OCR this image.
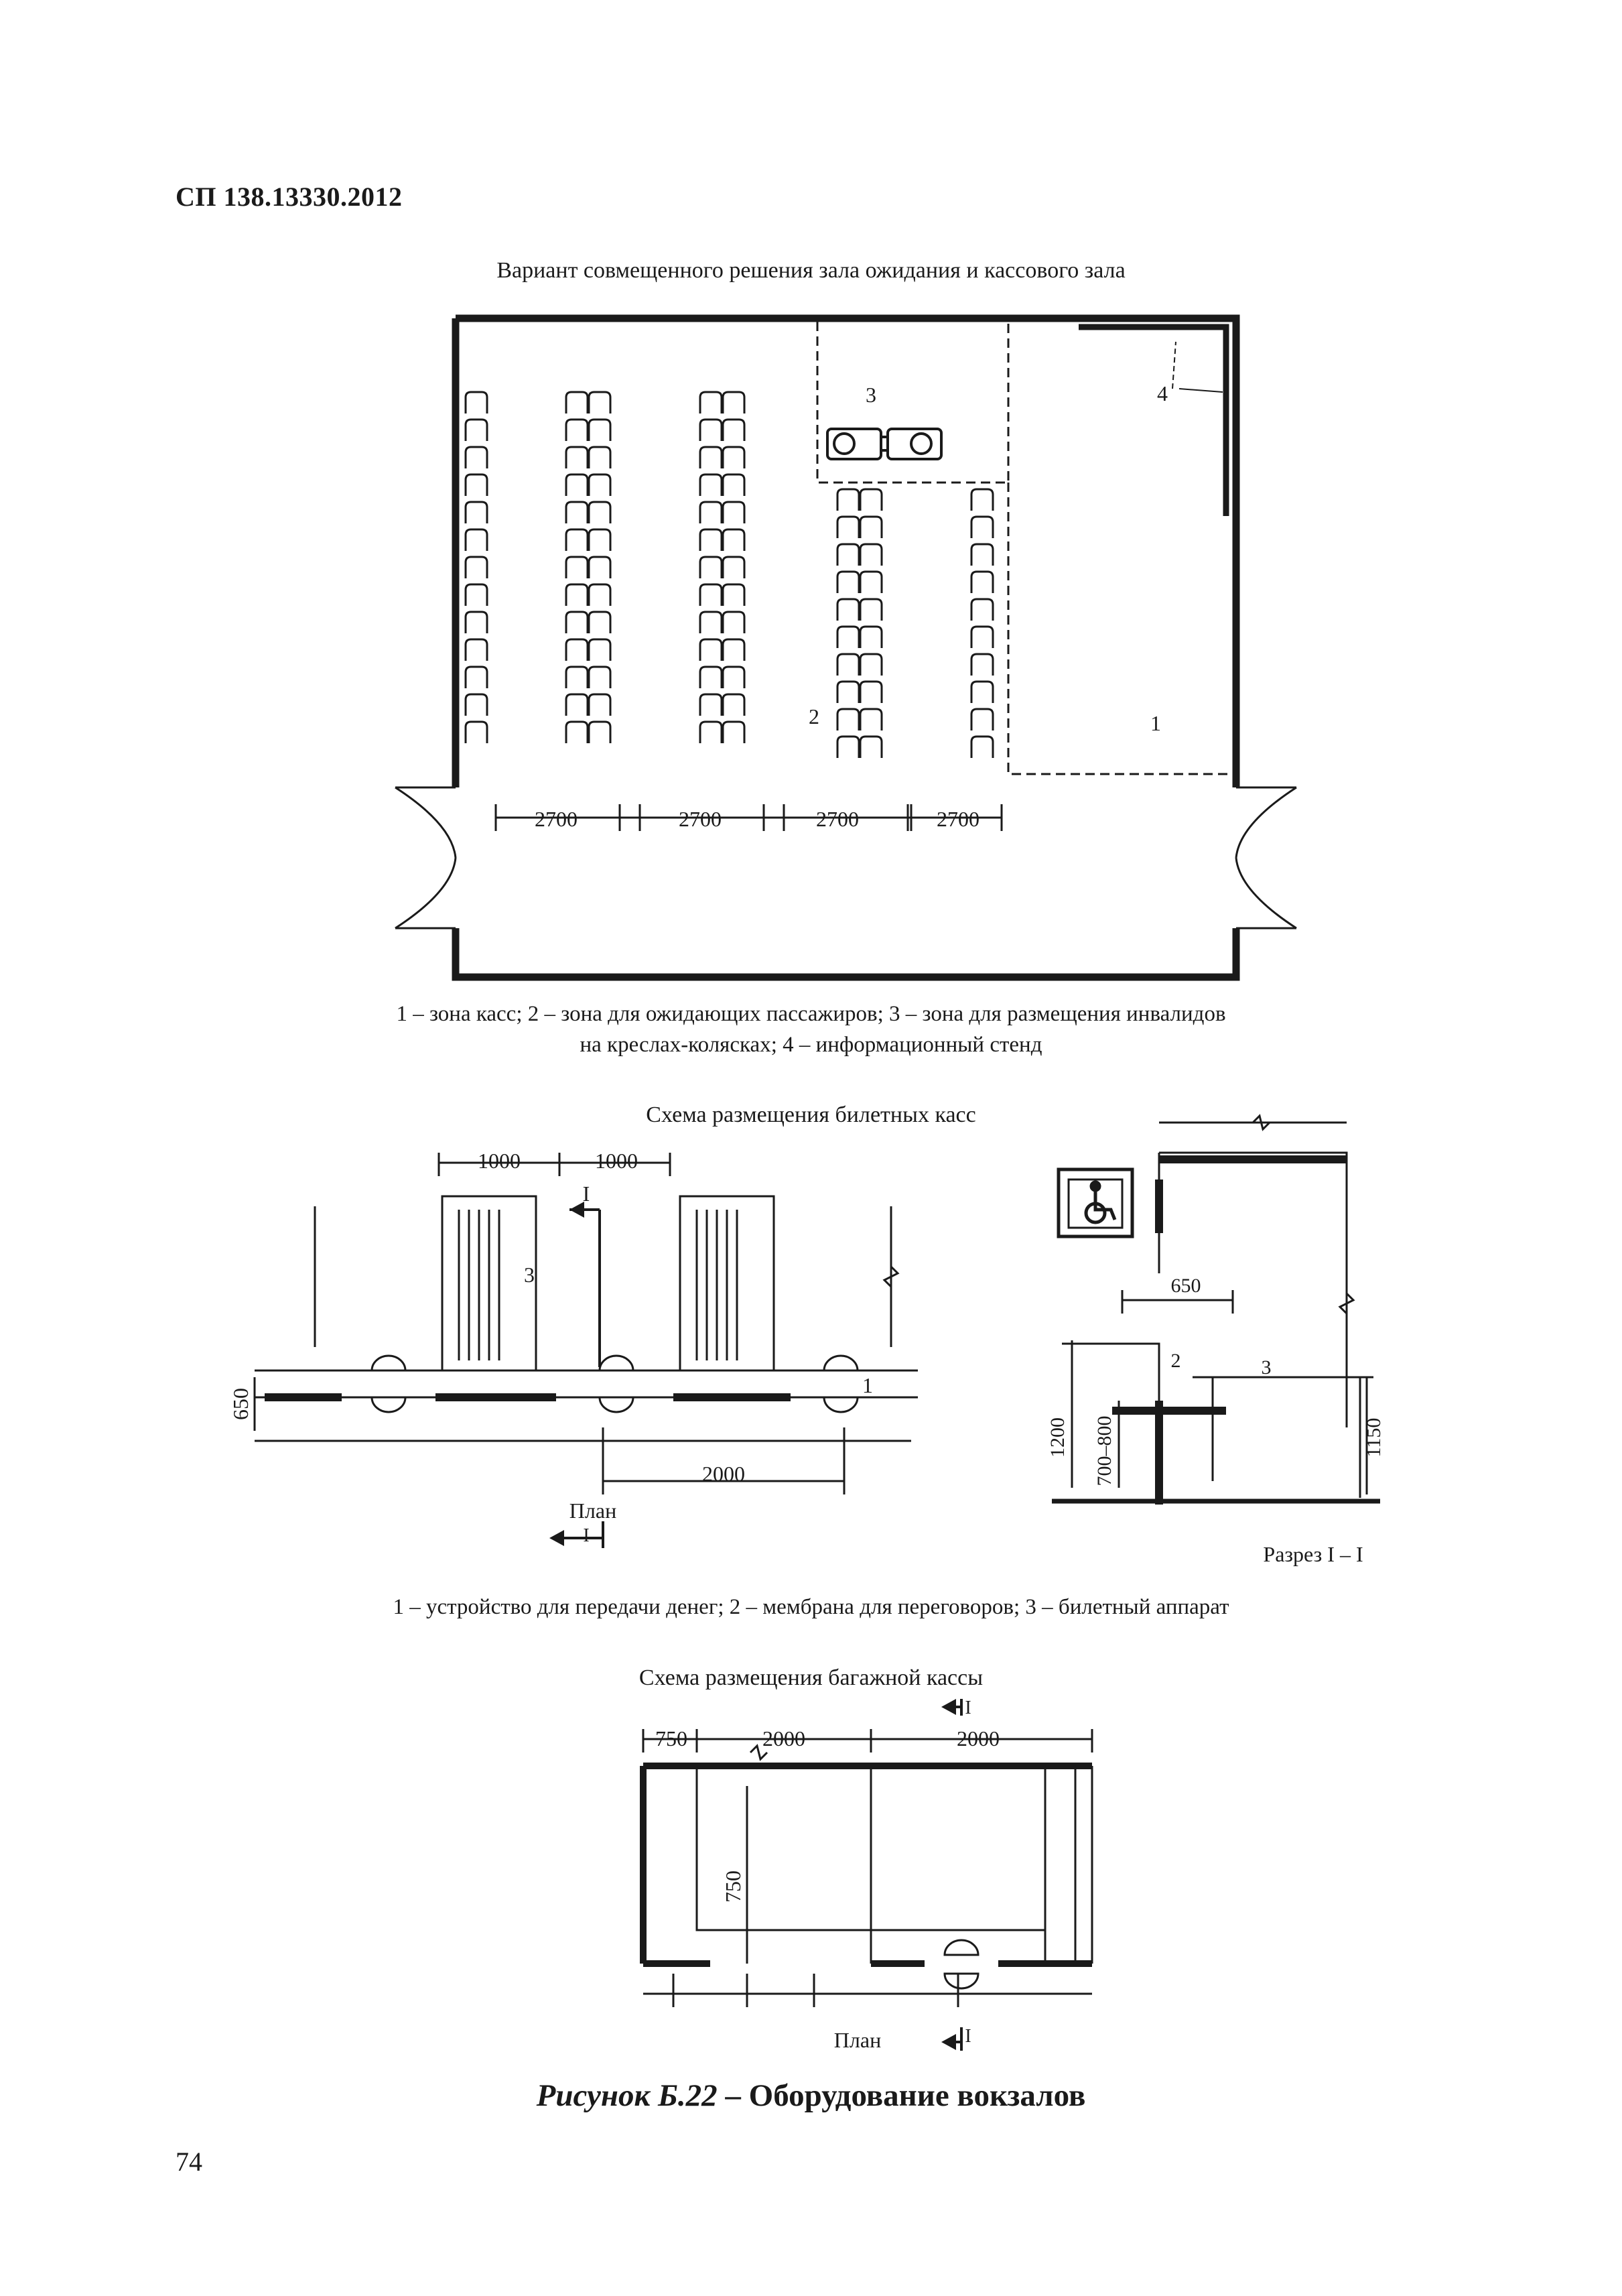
СП 138.13330.2012
Вариант совмещенного решения зала ожидания и кассового зала
3	4
2	1
2700	2700	2700	2700
1 – зона касс; 2 – зона для ожидающих пассажиров; 3 – зона для размещения инвалидов
на креслах-колясках; 4 – информационный стенд
Схема размещения билетных касс
1000	1000
I
3
1
650
2000
План
I
650
2	3
1200 700–800	1150
Разрез I – I
1 – устройство для передачи денег; 2 – мембрана для переговоров; 3 – билетный аппарат
Схема размещения багажной кассы
750	2000	2000
750
I
I
План
Рисунок Б.22 – Оборудование вокзалов
74
